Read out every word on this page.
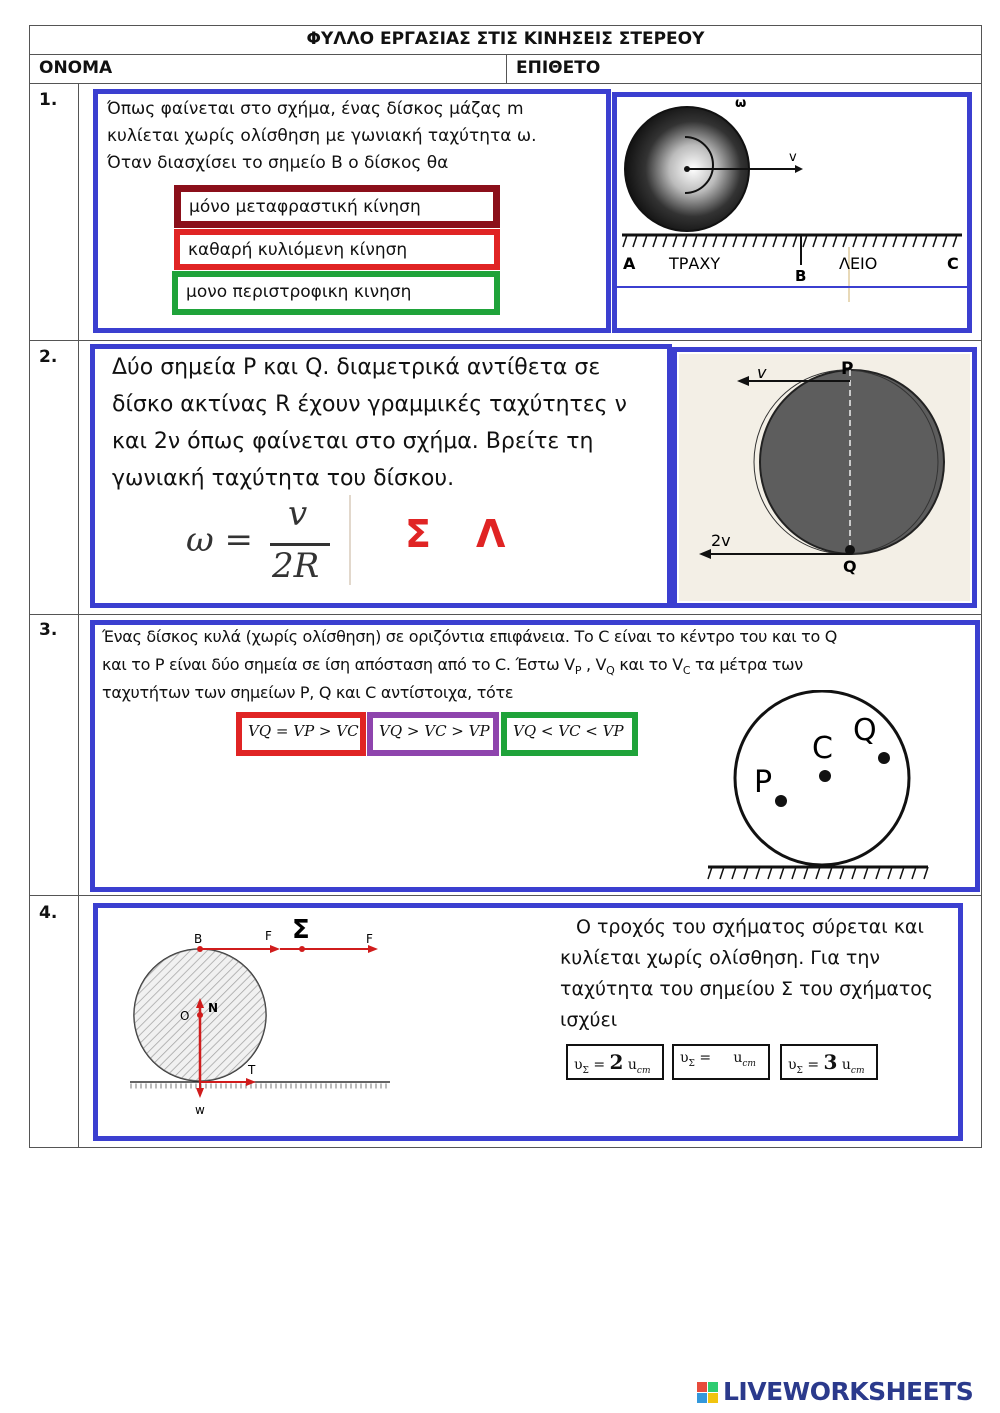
ΦΥΛΛΟ ΕΡΓΑΣΙΑΣ ΣΤΙΣ ΚΙΝΗΣΕΙΣ ΣΤΕΡΕΟΥ
ΟΝΟΜΑ	ΕΠΙΘΕΤΟ
1.	Όπως φαίνεται στο σχήμα, ένας δίσκος μάζας m
κυλίεται χωρίς ολίσθηση με γωνιακή ταχύτητα ω.
Όταν διασχίσει το σημείο Β ο δίσκος θα
μόνο μεταφραστική κίνηση
καθαρή κυλιόμενη κίνηση
μονο περιστροφικη κινηση
v
ω
A ΤΡΑΧΥ
B
ΛΕΙΟ	C
2. Δύο σημεία P και Q. διαμετρικά αντίθετα σε
δίσκο ακτίνας R έχουν γραμμικές ταχύτητες ν
και 2ν όπως φαίνεται στο σχήμα. Βρείτε τη
γωνιακή ταχύτητα του δίσκου.
ω =
v
2R
Σ Λ
v	P
2v
Q
3.	Ένας δίσκος κυλά (χωρίς ολίσθηση) σε οριζόντια επιφάνεια. Το C είναι το κέντρο του και το Q
και το P είναι δύο σημεία σε ίση απόσταση από το C. Έστω $V_P$ , $V_Q$ και το $V_C$ τα μέτρα των
ταχυτήτων των σημείων P, Q και C αντίστοιχα, τότε
VQ = VP > VC	VQ > VC > VP	VQ < VC < VP	C
Q
P
4.
B	F Σ	F
O
N
T
w
Ο τροχός του σχήματος σύρεται και
κυλίεται χωρίς ολίσθηση. Για την
ταχύτητα του σημείου Σ του σχήματος
ισχύει
$\upsilon_\Sigma = 2$ $u_{cm}$
$\upsilon_\Sigma$ =     $u_{cm}$	$\upsilon_\Sigma = 3$ $u_{cm}$
LIVEWORKSHEETS
